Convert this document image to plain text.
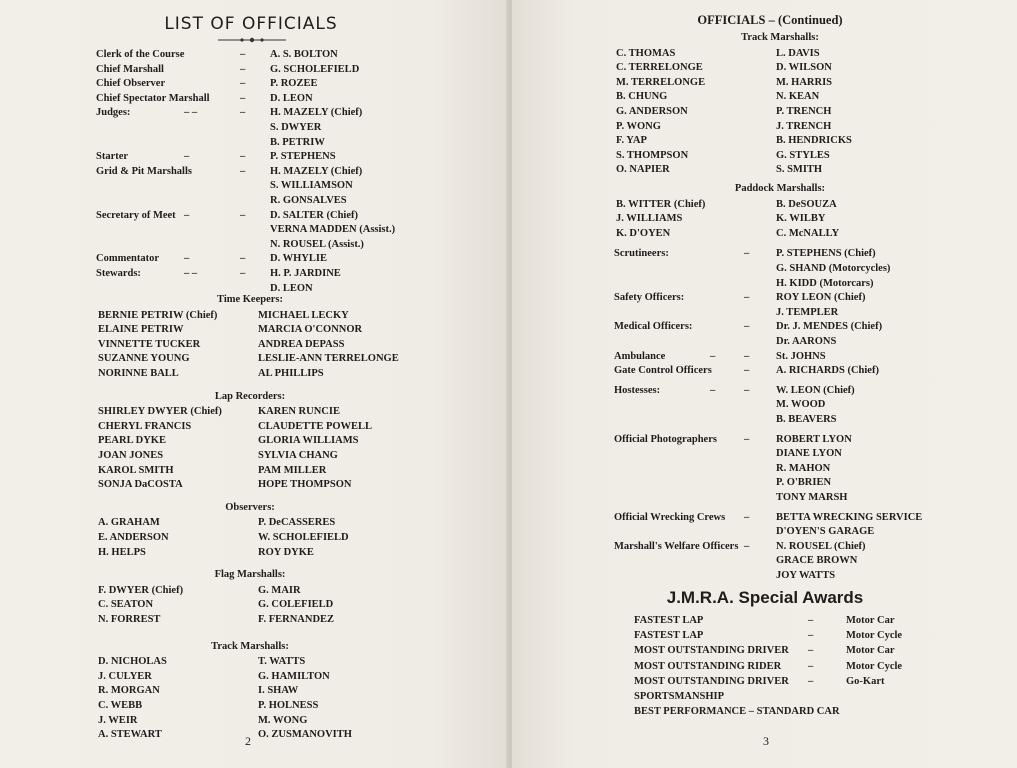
LIST OF OFFICIALS
2
OFFICIALS – (Continued)
J.M.R.A. Special Awards
3
Clerk of the Course	– A. S. BOLTON
Chief Marshall	– G. SCHOLEFIELD
Chief Observer	– P. ROZEE
Chief Spectator Marshall	– D. LEON
Judges:	– –	– H. MAZELY (Chief)
S. DWYER
B. PETRIW
Starter	–	– P. STEPHENS
Grid & Pit Marshalls	– H. MAZELY (Chief)
S. WILLIAMSON
R. GONSALVES
Secretary of Meet –	– D. SALTER (Chief)
VERNA MADDEN (Assist.)
N. ROUSEL (Assist.)
Commentator –	– D. WHYLIE
Stewards:	– –	– H. P. JARDINE
D. LEON
Time Keepers:
BERNIE PETRIW (Chief)	MICHAEL LECKY
ELAINE PETRIW	MARCIA O'CONNOR
VINNETTE TUCKER	ANDREA DEPASS
SUZANNE YOUNG	LESLIE-ANN TERRELONGE
NORINNE BALL	AL PHILLIPS
Lap Recorders:
SHIRLEY DWYER (Chief)	KAREN RUNCIE
CHERYL FRANCIS	CLAUDETTE POWELL
PEARL DYKE	GLORIA WILLIAMS
JOAN JONES	SYLVIA CHANG
KAROL SMITH	PAM MILLER
SONJA DaCOSTA	HOPE THOMPSON
Observers:
A. GRAHAM	P. DeCASSERES
E. ANDERSON	W. SCHOLEFIELD
H. HELPS	ROY DYKE
Flag Marshalls:
F. DWYER (Chief)	G. MAIR
C. SEATON	G. COLEFIELD
N. FORREST	F. FERNANDEZ
Track Marshalls:
D. NICHOLAS	T. WATTS
J. CULYER	G. HAMILTON
R. MORGAN	I. SHAW
C. WEBB	P. HOLNESS
J. WEIR	M. WONG
A. STEWART	O. ZUSMANOVITH
Track Marshalls:
C. THOMAS	L. DAVIS
C. TERRELONGE	D. WILSON
M. TERRELONGE	M. HARRIS
B. CHUNG	N. KEAN
G. ANDERSON	P. TRENCH
P. WONG	J. TRENCH
F. YAP	B. HENDRICKS
S. THOMPSON	G. STYLES
O. NAPIER	S. SMITH
Paddock Marshalls:
B. WITTER (Chief)	B. DeSOUZA
J. WILLIAMS	K. WILBY
K. D'OYEN	C. McNALLY
Scrutineers:	–	P. STEPHENS (Chief)
G. SHAND (Motorcycles)
H. KIDD (Motorcars)
Safety Officers:	–	ROY LEON (Chief)
J. TEMPLER
Medical Officers:	–	Dr. J. MENDES (Chief)
Dr. AARONS
Ambulance	–	–	St. JOHNS
Gate Control Officers	–	A. RICHARDS (Chief)
Hostesses:	–	–	W. LEON (Chief)
M. WOOD
B. BEAVERS
Official Photographers	–	ROBERT LYON
DIANE LYON
R. MAHON
P. O'BRIEN
TONY MARSH
Official Wrecking Crews –	BETTA WRECKING SERVICE
D'OYEN'S GARAGE
Marshall's Welfare Officers –	N. ROUSEL (Chief)
GRACE BROWN
JOY WATTS
FASTEST LAP	–	Motor Car
FASTEST LAP	–	Motor Cycle
MOST OUTSTANDING DRIVER –	Motor Car
MOST OUTSTANDING RIDER	–	Motor Cycle
MOST OUTSTANDING DRIVER –	Go-Kart
SPORTSMANSHIP
BEST PERFORMANCE – STANDARD CAR
